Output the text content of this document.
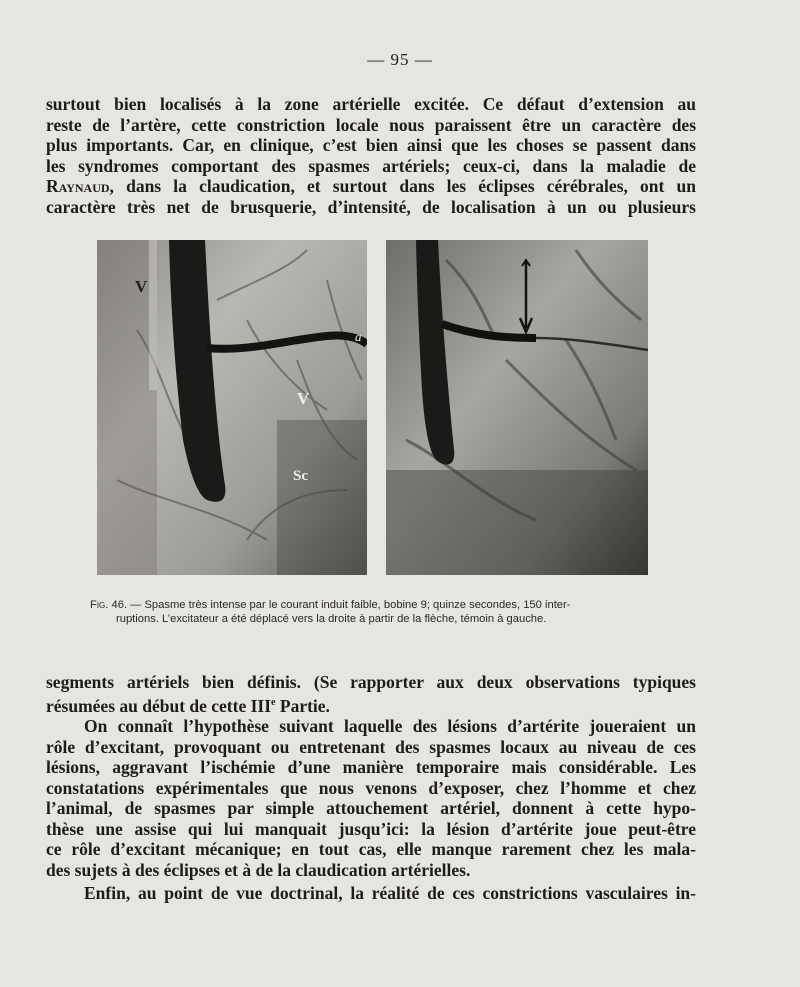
— 95 —
surtout bien localisés à la zone artérielle excitée. Ce défaut d’extension au
reste de l’artère, cette constriction locale nous paraissent être un caractère des
plus importants. Car, en clinique, c’est bien ainsi que les choses se passent dans
les syndromes comportant des spasmes artériels; ceux-ci, dans la maladie de
Raynaud, dans la claudication, et surtout dans les éclipses cérébrales, ont un
caractère très net de brusquerie, d’intensité, de localisation à un ou plusieurs
V
V
a
Sc
Fig. 46. — Spasme très intense par le courant induit faible, bobine 9; quinze secondes, 150 inter-
ruptions. L’excitateur a été déplacé vers la droite à partir de la flèche, témoin à gauche.
segments artériels bien définis. (Se rapporter aux deux observations typiques
résumées au début de cette IIIe Partie.
On connaît l’hypothèse suivant laquelle des lésions d’artérite joueraient un
rôle d’excitant, provoquant ou entretenant des spasmes locaux au niveau de ces
lésions, aggravant l’ischémie d’une manière temporaire mais considérable. Les
constatations expérimentales que nous venons d’exposer, chez l’homme et chez
l’animal, de spasmes par simple attouchement artériel, donnent à cette hypo-
thèse une assise qui lui manquait jusqu’ici: la lésion d’artérite joue peut-être
ce rôle d’excitant mécanique; en tout cas, elle manque rarement chez les mala-
des sujets à des éclipses et à de la claudication artérielles.
Enfin, au point de vue doctrinal, la réalité de ces constrictions vasculaires in-
